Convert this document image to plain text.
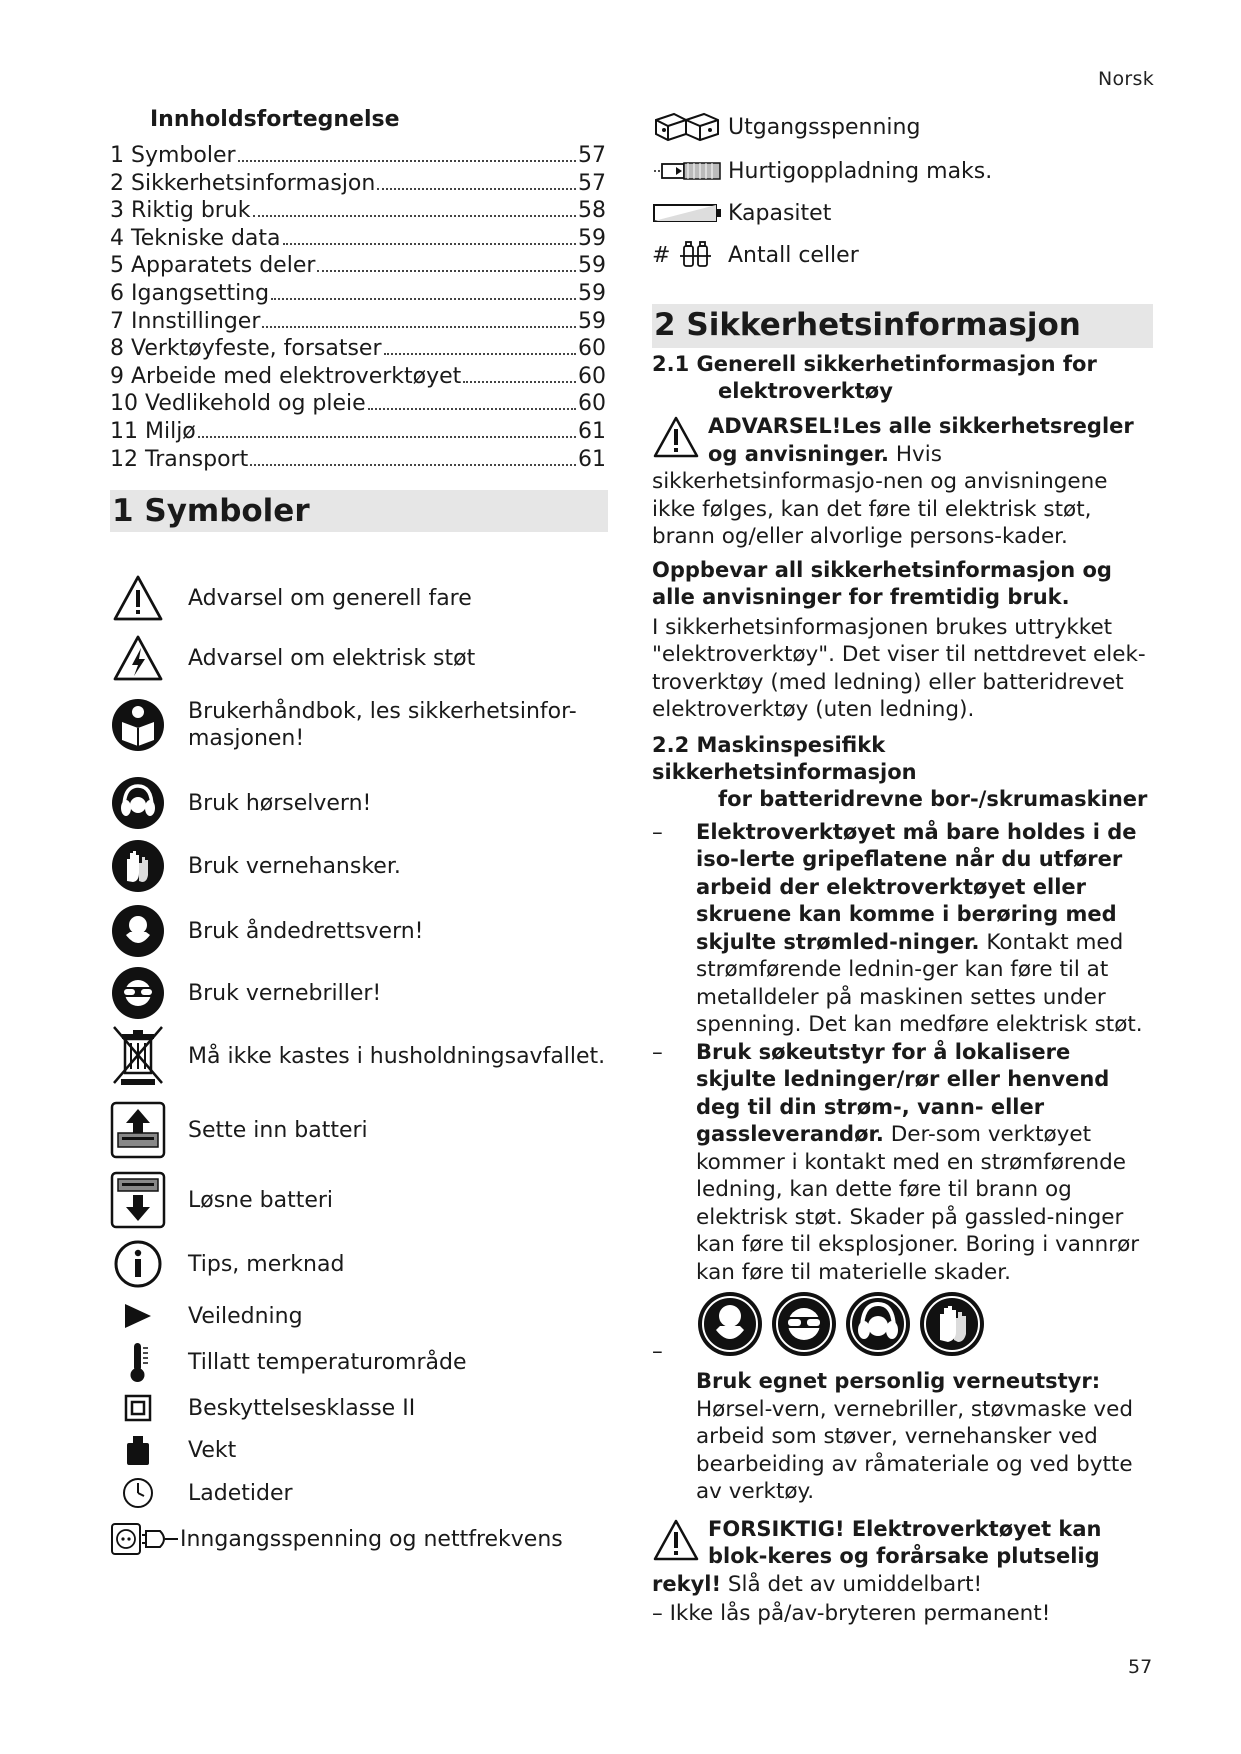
Norsk
Innholdsfortegnelse
1 Symboler	57
2 Sikkerhetsinformasjon	57
3 Riktig bruk	58
4 Tekniske data	59
5 Apparatets deler	59
6 Igangsetting	59
7 Innstillinger	59
8 Verktøyfeste, forsatser	60
9 Arbeide med elektroverktøyet	60
10 Vedlikehold og pleie	60
11 Miljø	61
12 Transport	61
1 Symboler
Advarsel om generell fare
Advarsel om elektrisk støt
Brukerhåndbok, les sikkerhetsinfor-
masjonen!
Bruk hørselvern!
Bruk vernehansker.
Bruk åndedrettsvern!
Bruk vernebriller!
Må ikke kastes i husholdningsavfallet.
Sette inn batteri
Løsne batteri
Tips, merknad
Veiledning
Tillatt temperaturområde
Beskyttelsesklasse II
Vekt
Ladetider
Inngangsspenning og nettfrekvens
Utgangsspenning
Hurtigoppladning maks.
Kapasitet
#	Antall celler
2 Sikkerhetsinformasjon
2.1 Generell sikkerhetinformasjon for
elektroverktøy
ADVARSEL!Les alle sikkerhetsregler og anvisninger. Hvis sikkerhetsinformasjo-nen og anvisningene ikke følges, kan det føre til elektrisk støt, brann og/eller alvorlige persons-kader.
Oppbevar all sikkerhetsinformasjon og alle anvisninger for fremtidig bruk.
I sikkerhetsinformasjonen brukes uttrykket "elektroverktøy". Det viser til nettdrevet elek-troverktøy (med ledning) eller batteridrevet elektroverktøy (uten ledning).
2.2 Maskinspesifikk sikkerhetsinformasjon
for batteridrevne bor-/skrumaskiner
– Elektroverktøyet må bare holdes i de iso-lerte gripeflatene når du utfører arbeid der elektroverktøyet eller skruene kan komme i berøring med skjulte strømled-ninger. Kontakt med strømførende lednin-ger kan føre til at metalldeler på maskinen settes under spenning. Det kan medføre elektrisk støt.
– Bruk søkeutstyr for å lokalisere skjulte ledninger/rør eller henvend deg til din strøm-, vann- eller gassleverandør. Der-som verktøyet kommer i kontakt med en strømførende ledning, kan dette føre til brann og elektrisk støt. Skader på gassled-ninger kan føre til eksplosjoner. Boring i vannrør kan føre til materielle skader.
–
Bruk egnet personlig verneutstyr: Hørsel-vern, vernebriller, støvmaske ved arbeid som støver, vernehansker ved bearbeiding av råmateriale og ved bytte av verktøy.
FORSIKTIG! Elektroverktøyet kan blok-keres og forårsake plutselig rekyl! Slå det av umiddelbart!
– Ikke lås på/av-bryteren permanent!
57
